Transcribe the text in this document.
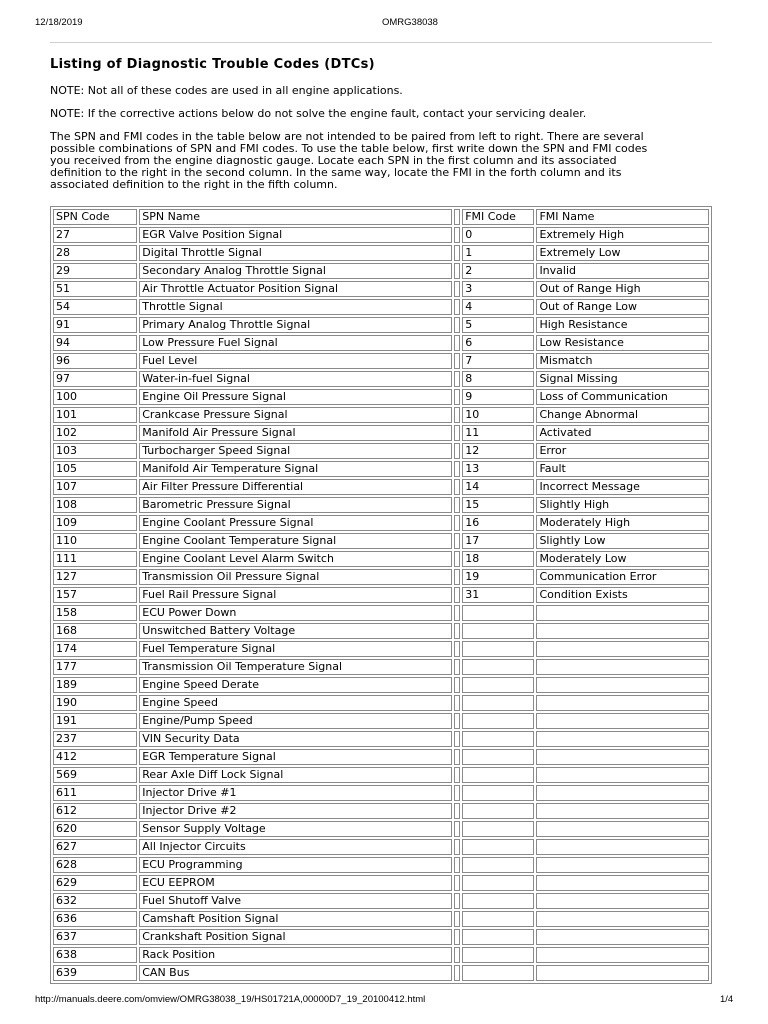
12/18/2019	OMRG38038
Listing of Diagnostic Trouble Codes (DTCs)

NOTE: Not all of these codes are used in all engine applications.

NOTE: If the corrective actions below do not solve the engine fault, contact your servicing dealer.

The SPN and FMI codes in the table below are not intended to be paired from left to right. There are several
possible combinations of SPN and FMI codes. To use the table below, first write down the SPN and FMI codes
you received from the engine diagnostic gauge. Locate each SPN in the first column and its associated
definition to the right in the second column. In the same way, locate the FMI in the forth column and its
associated definition to the right in the fifth column.

SPN Code	SPN Name		FMI Code	FMI Name
27	EGR Valve Position Signal		0	Extremely High
28	Digital Throttle Signal		1	Extremely Low
29	Secondary Analog Throttle Signal		2	Invalid
51	Air Throttle Actuator Position Signal		3	Out of Range High
54	Throttle Signal		4	Out of Range Low
91	Primary Analog Throttle Signal		5	High Resistance
94	Low Pressure Fuel Signal		6	Low Resistance
96	Fuel Level		7	Mismatch
97	Water-in-fuel Signal		8	Signal Missing
100	Engine Oil Pressure Signal		9	Loss of Communication
101	Crankcase Pressure Signal		10	Change Abnormal
102	Manifold Air Pressure Signal		11	Activated
103	Turbocharger Speed Signal		12	Error
105	Manifold Air Temperature Signal		13	Fault
107	Air Filter Pressure Differential		14	Incorrect Message
108	Barometric Pressure Signal		15	Slightly High
109	Engine Coolant Pressure Signal		16	Moderately High
110	Engine Coolant Temperature Signal		17	Slightly Low
111	Engine Coolant Level Alarm Switch		18	Moderately Low
127	Transmission Oil Pressure Signal		19	Communication Error
157	Fuel Rail Pressure Signal		31	Condition Exists
158	ECU Power Down			
168	Unswitched Battery Voltage			
174	Fuel Temperature Signal			
177	Transmission Oil Temperature Signal			
189	Engine Speed Derate			
190	Engine Speed			
191	Engine/Pump Speed			
237	VIN Security Data			
412	EGR Temperature Signal			
569	Rear Axle Diff Lock Signal			
611	Injector Drive #1			
612	Injector Drive #2			
620	Sensor Supply Voltage			
627	All Injector Circuits			
628	ECU Programming			
629	ECU EEPROM			
632	Fuel Shutoff Valve			
636	Camshaft Position Signal			
637	Crankshaft Position Signal			
638	Rack Position			
639	CAN Bus			
http://manuals.deere.com/omview/OMRG38038_19/HS01721A,00000D7_19_20100412.html	1/4
